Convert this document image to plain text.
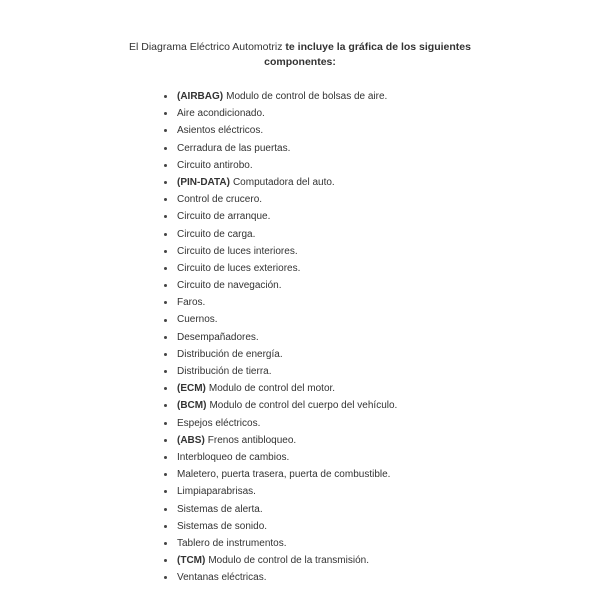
El Diagrama Eléctrico Automotriz te incluye la gráfica de los siguientes
componentes:
(AIRBAG) Modulo de control de bolsas de aire.
Aire acondicionado.
Asientos eléctricos.
Cerradura de las puertas.
Circuito antirobo.
(PIN-DATA) Computadora del auto.
Control de crucero.
Circuito de arranque.
Circuito de carga.
Circuito de luces interiores.
Circuito de luces exteriores.
Circuito de navegación.
Faros.
Cuernos.
Desempañadores.
Distribución de energía.
Distribución de tierra.
(ECM) Modulo de control del motor.
(BCM) Modulo de control del cuerpo del vehículo.
Espejos eléctricos.
(ABS) Frenos antibloqueo.
Interbloqueo de cambios.
Maletero, puerta trasera, puerta de combustible.
Limpiaparabrisas.
Sistemas de alerta.
Sistemas de sonido.
Tablero de instrumentos.
(TCM) Modulo de control de la transmisión.
Ventanas eléctricas.
